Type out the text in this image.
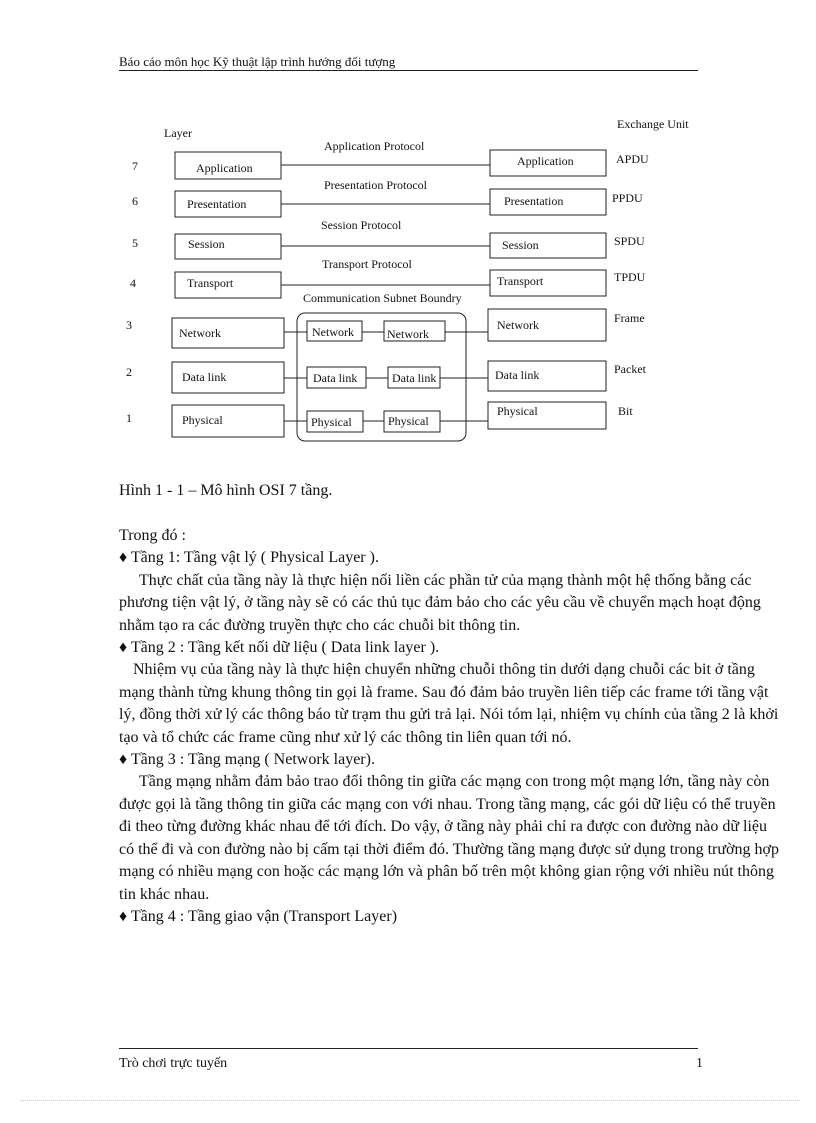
Báo cáo môn học Kỹ thuật lập trình hướng đối tượng
Layer
Exchange Unit
Communication Subnet Boundry
7
6
5
4
3
2
1
Application Protocol
Presentation Protocol
Session Protocol
Transport Protocol
Application
Presentation
Session
Transport
Network
Data link
Physical
Application
Presentation
Session
Transport
Network
Data link
Physical
Network	Network
Data link	Data link
Physical	Physical
APDU
PPDU
SPDU
TPDU
Frame
Packet
Bit
Hình 1 - 1 – Mô hình OSI 7 tầng.

Trong đó :

♦ Tầng 1: Tầng vật lý ( Physical Layer ).

Thực chất của tầng này là thực hiện nối liền các phần tử của mạng thành một hệ thống bằng các phương tiện vật lý, ở tầng này sẽ có các thủ tục đảm bảo cho các yêu cầu về chuyển mạch hoạt động nhằm tạo ra các đường truyền thực cho các chuỗi bit thông tin.

♦ Tầng 2 : Tầng kết nối dữ liệu ( Data link layer ).

Nhiệm vụ của tầng này là thực hiện chuyển những chuỗi thông tin dưới dạng chuỗi các bit ở tầng mạng thành từng khung thông tin gọi là frame. Sau đó đảm bảo truyền liên tiếp các frame tới tầng vật lý, đồng thời xử lý các thông báo từ trạm thu gửi trả lại. Nói tóm lại, nhiệm vụ chính của tầng 2 là khởi tạo và tổ chức các frame cũng như xử lý các thông tin liên quan tới nó.

♦ Tầng 3 : Tầng mạng ( Network layer).

Tầng mạng nhằm đảm bảo trao đổi thông tin giữa các mạng con trong một mạng lớn, tầng này còn được gọi là tầng thông tin giữa các mạng con với nhau. Trong tầng mạng, các gói dữ liệu có thể truyền đi theo từng đường khác nhau để tới đích. Do vậy, ở tầng này phải chỉ ra được con đường nào dữ liệu có thể đi và con đường nào bị cấm tại thời điểm đó. Thường tầng mạng được sử dụng trong trường hợp mạng có nhiều mạng con hoặc các mạng lớn và phân bố trên một không gian rộng với nhiều nút thông tin khác nhau.

♦ Tầng 4 : Tầng giao vận (Transport Layer)

Trò chơi trực tuyến	1
